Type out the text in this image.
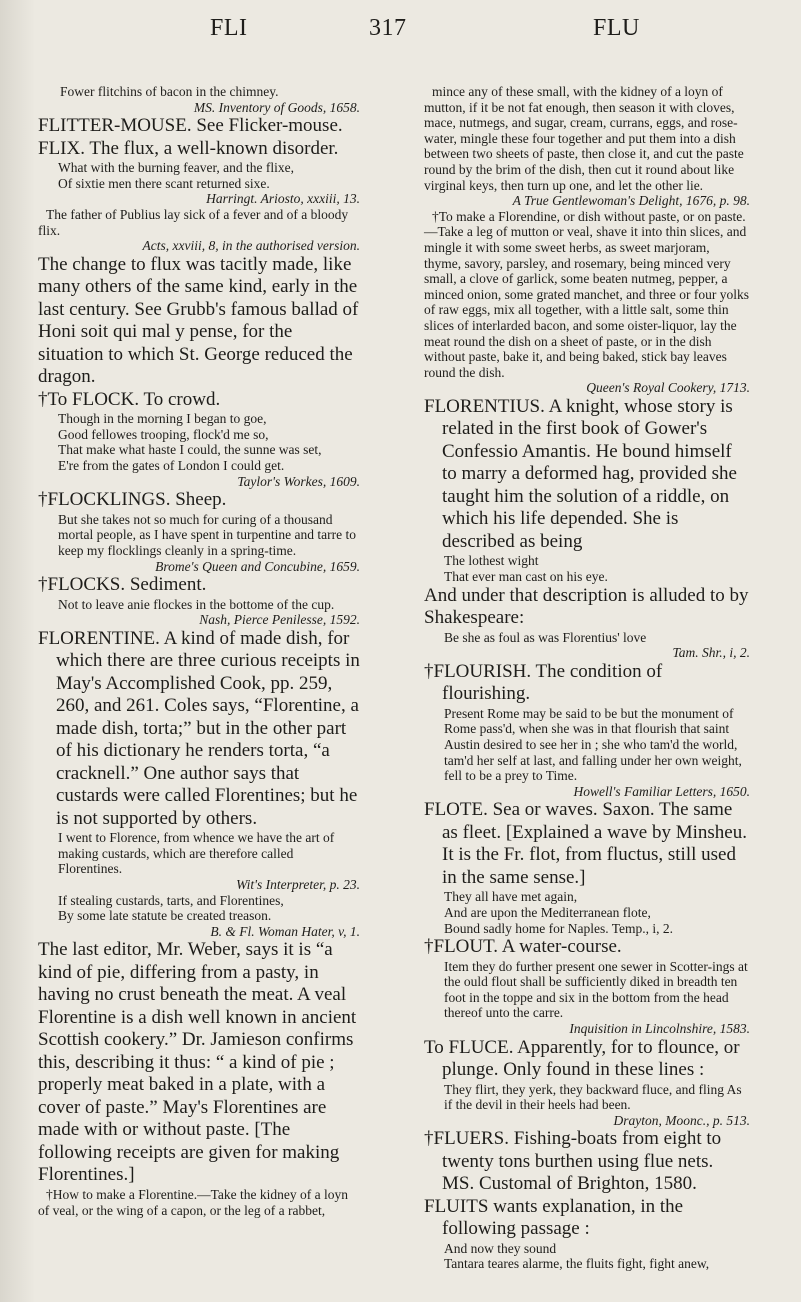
FLI	317	FLU

Fower flitchins of bacon in the chimney.

MS. Inventory of Goods, 1658.

FLITTER-MOUSE. See Flicker-mouse.

FLIX. The flux, a well-known disorder.

What with the burning feaver, and the flixe,

Of sixtie men there scant returned sixe.

Harringt. Ariosto, xxxiii, 13.

The father of Publius lay sick of a fever and of a bloody flix.

Acts, xxviii, 8, in the authorised version.

The change to flux was tacitly made, like many others of the same kind, early in the last century. See Grubb's famous ballad of Honi soit qui mal y pense, for the situation to which St. George reduced the dragon.

†To FLOCK. To crowd.

Though in the morning I began to goe,

Good fellowes trooping, flock'd me so,

That make what haste I could, the sunne was set,

E're from the gates of London I could get.

Taylor's Workes, 1609.

†FLOCKLINGS. Sheep.

But she takes not so much for curing of a thousand mortal people, as I have spent in turpentine and tarre to keep my flocklings cleanly in a spring-time.

Brome's Queen and Concubine, 1659.

†FLOCKS. Sediment.

Not to leave anie flockes in the bottome of the cup.

Nash, Pierce Penilesse, 1592.

FLORENTINE. A kind of made dish, for which there are three curious receipts in May's Accomplished Cook, pp. 259, 260, and 261. Coles says, “Florentine, a made dish, torta;” but in the other part of his dictionary he renders torta, “a cracknell.” One author says that custards were called Florentines; but he is not supported by others.

I went to Florence, from whence we have the art of making custards, which are therefore called Florentines.

Wit's Interpreter, p. 23.

If stealing custards, tarts, and Florentines,

By some late statute be created treason.

B. & Fl. Woman Hater, v, 1.

The last editor, Mr. Weber, says it is “a kind of pie, differing from a pasty, in having no crust beneath the meat. A veal Florentine is a dish well known in ancient Scottish cookery.” Dr. Jamieson confirms this, describing it thus: “ a kind of pie ; properly meat baked in a plate, with a cover of paste.” May's Florentines are made with or without paste. [The following receipts are given for making Florentines.]

†How to make a Florentine.—Take the kidney of a loyn of veal, or the wing of a capon, or the leg of a rabbet,

mince any of these small, with the kidney of a loyn of mutton, if it be not fat enough, then season it with cloves, mace, nutmegs, and sugar, cream, currans, eggs, and rose-water, mingle these four together and put them into a dish between two sheets of paste, then close it, and cut the paste round by the brim of the dish, then cut it round about like virginal keys, then turn up one, and let the other lie.

A True Gentlewoman's Delight, 1676, p. 98.

†To make a Florendine, or dish without paste, or on paste.—Take a leg of mutton or veal, shave it into thin slices, and mingle it with some sweet herbs, as sweet marjoram, thyme, savory, parsley, and rosemary, being minced very small, a clove of garlick, some beaten nutmeg, pepper, a minced onion, some grated manchet, and three or four yolks of raw eggs, mix all together, with a little salt, some thin slices of interlarded bacon, and some oister-liquor, lay the meat round the dish on a sheet of paste, or in the dish without paste, bake it, and being baked, stick bay leaves round the dish.

Queen's Royal Cookery, 1713.

FLORENTIUS. A knight, whose story is related in the first book of Gower's Confessio Amantis. He bound himself to marry a deformed hag, provided she taught him the solution of a riddle, on which his life depended. She is described as being

The lothest wight

That ever man cast on his eye.

And under that description is alluded to by Shakespeare:

Be she as foul as was Florentius' love

Tam. Shr., i, 2.

†FLOURISH. The condition of flourishing.

Present Rome may be said to be but the monument of Rome pass'd, when she was in that flourish that saint Austin desired to see her in ; she who tam'd the world, tam'd her self at last, and falling under her own weight, fell to be a prey to Time.

Howell's Familiar Letters, 1650.

FLOTE. Sea or waves. Saxon. The same as fleet. [Explained a wave by Minsheu. It is the Fr. flot, from fluctus, still used in the same sense.]

They all have met again,

And are upon the Mediterranean flote,

Bound sadly home for Naples. Temp., i, 2.

†FLOUT. A water-course.

Item they do further present one sewer in Scotter-ings at the ould flout shall be sufficiently diked in breadth ten foot in the toppe and six in the bottom from the head thereof unto the carre.

Inquisition in Lincolnshire, 1583.

To FLUCE. Apparently, for to flounce, or plunge. Only found in these lines :

They flirt, they yerk, they backward fluce, and fling As if the devil in their heels had been.

Drayton, Moonc., p. 513.

†FLUERS. Fishing-boats from eight to twenty tons burthen using flue nets. MS. Customal of Brighton, 1580.

FLUITS wants explanation, in the following passage :

And now they sound

Tantara teares alarme, the fluits fight, fight anew,
